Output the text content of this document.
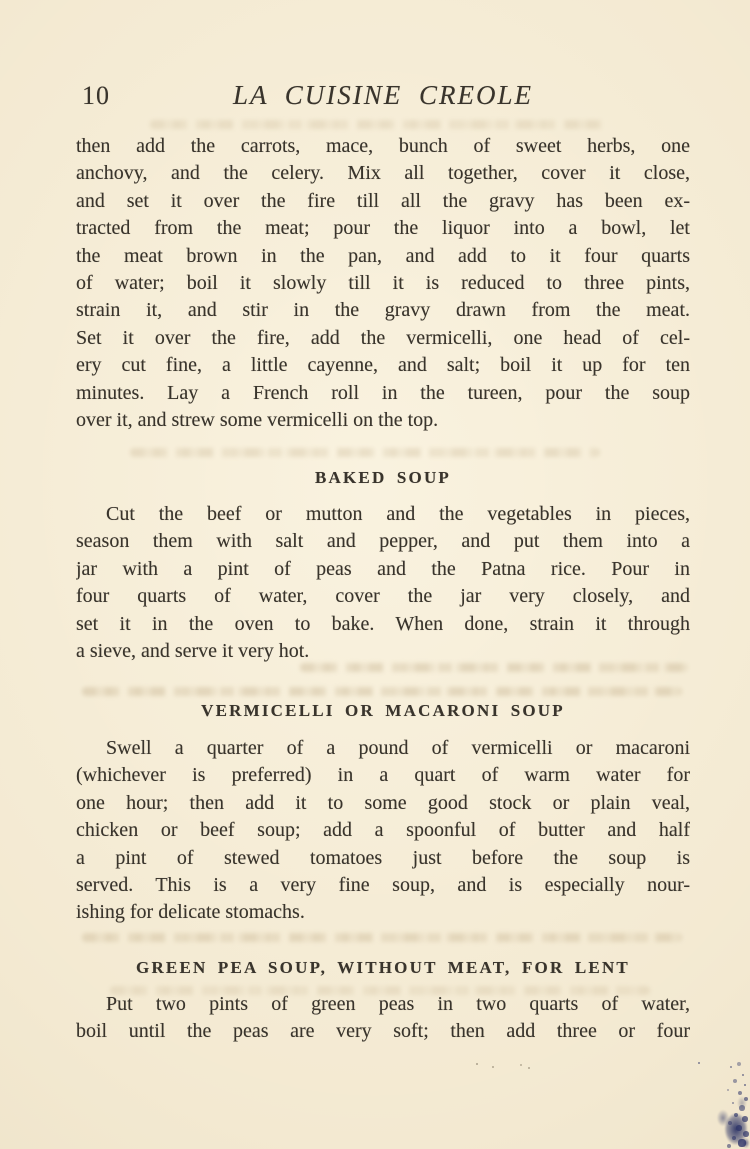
10	LA CUISINE CREOLE
then add the carrots, mace, bunch of sweet herbs, one
anchovy, and the celery. Mix all together, cover it close,
and set it over the fire till all the gravy has been ex-
tracted from the meat; pour the liquor into a bowl, let
the meat brown in the pan, and add to it four quarts
of water; boil it slowly till it is reduced to three pints,
strain it, and stir in the gravy drawn from the meat.
Set it over the fire, add the vermicelli, one head of cel-
ery cut fine, a little cayenne, and salt; boil it up for ten
minutes. Lay a French roll in the tureen, pour the soup
over it, and strew some vermicelli on the top.
BAKED SOUP
Cut the beef or mutton and the vegetables in pieces,
season them with salt and pepper, and put them into a
jar with a pint of peas and the Patna rice. Pour in
four quarts of water, cover the jar very closely, and
set it in the oven to bake. When done, strain it through
a sieve, and serve it very hot.
VERMICELLI OR MACARONI SOUP
Swell a quarter of a pound of vermicelli or macaroni
(whichever is preferred) in a quart of warm water for
one hour; then add it to some good stock or plain veal,
chicken or beef soup; add a spoonful of butter and half
a pint of stewed tomatoes just before the soup is
served. This is a very fine soup, and is especially nour-
ishing for delicate stomachs.
GREEN PEA SOUP, WITHOUT MEAT, FOR LENT
Put two pints of green peas in two quarts of water,
boil until the peas are very soft; then add three or four
